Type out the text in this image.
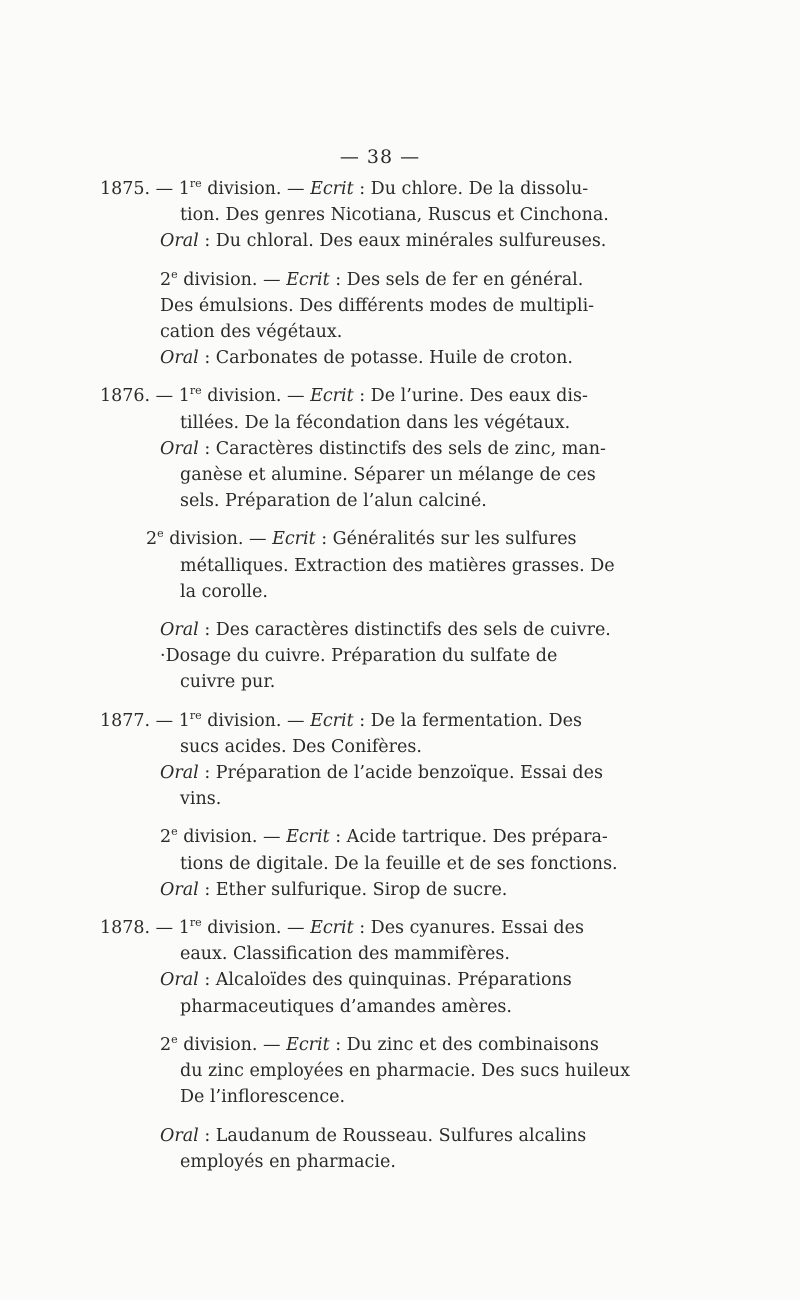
— 38 —

1875. — 1re division. — Ecrit : Du chlore. De la dissolu-

tion. Des genres Nicotiana, Ruscus et Cinchona.

Oral : Du chloral. Des eaux minérales sulfureuses.

2e division. — Ecrit : Des sels de fer en général.

Des émulsions. Des différents modes de multipli-

cation des végétaux.

Oral : Carbonates de potasse. Huile de croton.

1876. — 1re division. — Ecrit : De l’urine. Des eaux dis-

tillées. De la fécondation dans les végétaux.

Oral : Caractères distinctifs des sels de zinc, man-

ganèse et alumine. Séparer un mélange de ces

sels. Préparation de l’alun calciné.

2e division. — Ecrit : Généralités sur les sulfures

métalliques. Extraction des matières grasses. De

la corolle.

Oral : Des caractères distinctifs des sels de cuivre.

·Dosage du cuivre. Préparation du sulfate de

cuivre pur.

1877. — 1re division. — Ecrit : De la fermentation. Des

sucs acides. Des Conifères.

Oral : Préparation de l’acide benzoïque. Essai des

vins.

2e division. — Ecrit : Acide tartrique. Des prépara-

tions de digitale. De la feuille et de ses fonctions.

Oral : Ether sulfurique. Sirop de sucre.

1878. — 1re division. — Ecrit : Des cyanures. Essai des

eaux. Classification des mammifères.

Oral : Alcaloïdes des quinquinas. Préparations

pharmaceutiques d’amandes amères.

2e division. — Ecrit : Du zinc et des combinaisons

du zinc employées en pharmacie. Des sucs huileux

De l’inflorescence.

Oral : Laudanum de Rousseau. Sulfures alcalins

employés en pharmacie.
